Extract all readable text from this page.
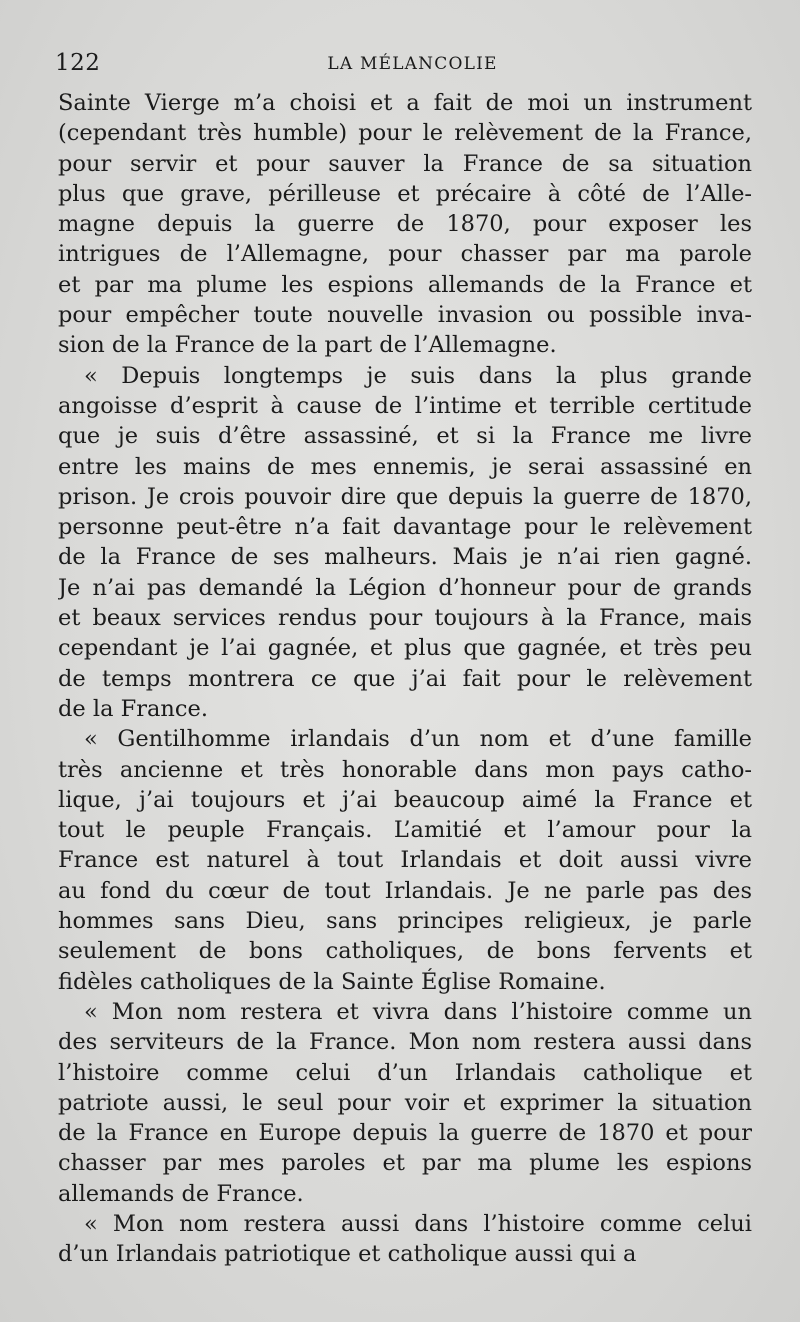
122	LA MÉLANCOLIE
Sainte Vierge m’a choisi et a fait de moi un instrument
(cependant très humble) pour le relèvement de la France,
pour servir et pour sauver la France de sa situation
plus que grave, périlleuse et précaire à côté de l’Alle-
magne depuis la guerre de 1870, pour exposer les
intrigues de l’Allemagne, pour chasser par ma parole
et par ma plume les espions allemands de la France et
pour empêcher toute nouvelle invasion ou possible inva-
sion de la France de la part de l’Allemagne.
« Depuis longtemps je suis dans la plus grande
angoisse d’esprit à cause de l’intime et terrible certitude
que je suis d’être assassiné, et si la France me livre
entre les mains de mes ennemis, je serai assassiné en
prison. Je crois pouvoir dire que depuis la guerre de 1870,
personne peut-être n’a fait davantage pour le relèvement
de la France de ses malheurs. Mais je n’ai rien gagné.
Je n’ai pas demandé la Légion d’honneur pour de grands
et beaux services rendus pour toujours à la France, mais
cependant je l’ai gagnée, et plus que gagnée, et très peu
de temps montrera ce que j’ai fait pour le relèvement
de la France.
« Gentilhomme irlandais d’un nom et d’une famille
très ancienne et très honorable dans mon pays catho-
lique, j’ai toujours et j’ai beaucoup aimé la France et
tout le peuple Français. L’amitié et l’amour pour la
France est naturel à tout Irlandais et doit aussi vivre
au fond du cœur de tout Irlandais. Je ne parle pas des
hommes sans Dieu, sans principes religieux, je parle
seulement de bons catholiques, de bons fervents et
fidèles catholiques de la Sainte Église Romaine.
« Mon nom restera et vivra dans l’histoire comme un
des serviteurs de la France. Mon nom restera aussi dans
l’histoire comme celui d’un Irlandais catholique et
patriote aussi, le seul pour voir et exprimer la situation
de la France en Europe depuis la guerre de 1870 et pour
chasser par mes paroles et par ma plume les espions
allemands de France.
« Mon nom restera aussi dans l’histoire comme celui
d’un Irlandais patriotique et catholique aussi qui a
